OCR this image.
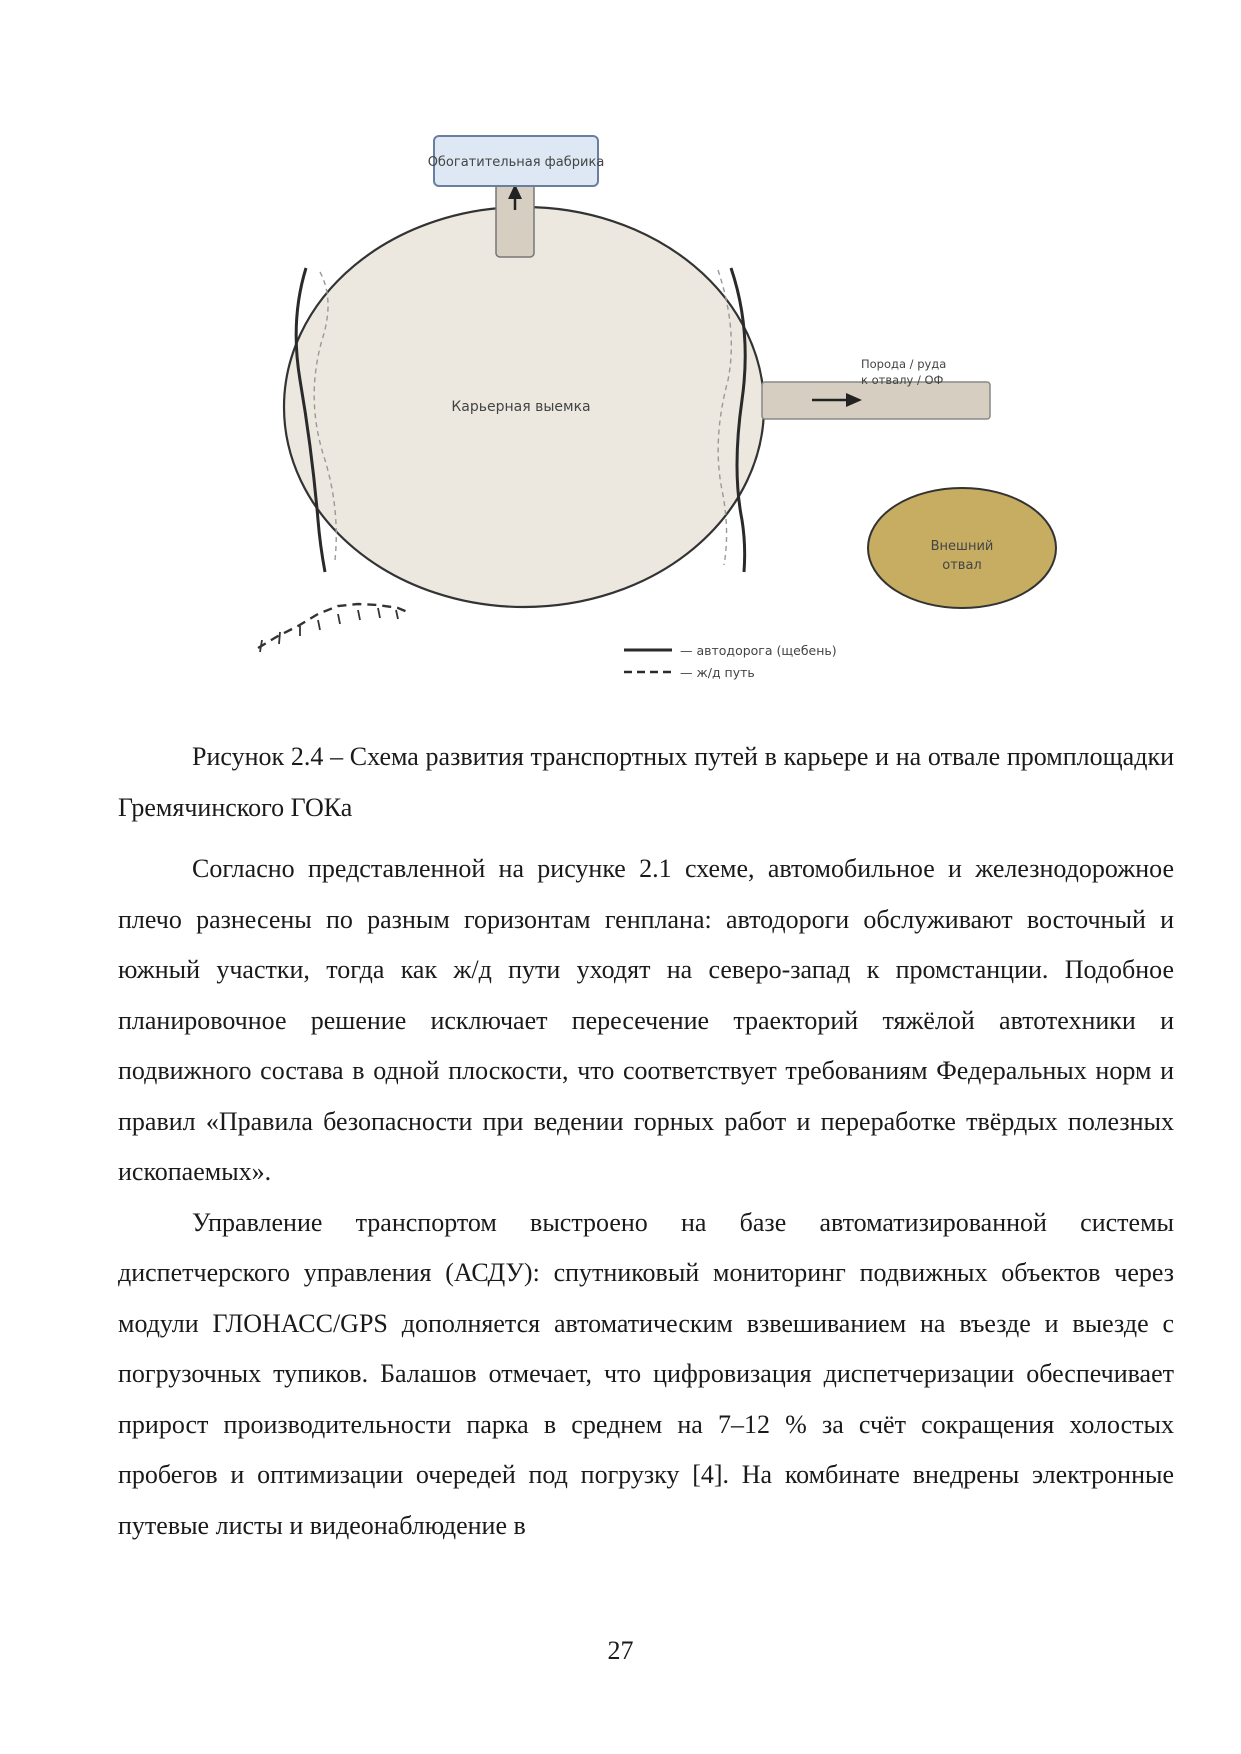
Обогатительная фабрика
Карьерная выемка
Порода / руда
к отвалу / ОФ
Внешний
отвал
— автодорога (щебень)
— ж/д путь

Рисунок 2.4 – Схема развития транспортных путей в карьере и на отвале промплощадки Гремячинского ГОКа

Согласно представленной на рисунке 2.1 схеме, автомобильное и железнодорожное плечо разнесены по разным горизонтам генплана: автодороги обслуживают восточный и южный участки, тогда как ж/д пути уходят на северо-запад к промстанции. Подобное планировочное решение исключает пересечение траекторий тяжёлой автотехники и подвижного состава в одной плоскости, что соответствует требованиям Федеральных норм и правил «Правила безопасности при ведении горных работ и переработке твёрдых полезных ископаемых».

Управление транспортом выстроено на базе автоматизированной системы диспетчерского управления (АСДУ): спутниковый мониторинг подвижных объектов через модули ГЛОНАСС/GPS дополняется автоматическим взвешиванием на въезде и выезде с погрузочных тупиков. Балашов отмечает, что цифровизация диспетчеризации обеспечивает прирост производительности парка в среднем на 7–12 % за счёт сокращения холостых пробегов и оптимизации очередей под погрузку [4]. На комбинате внедрены электронные путевые листы и видеонаблюдение в

27
